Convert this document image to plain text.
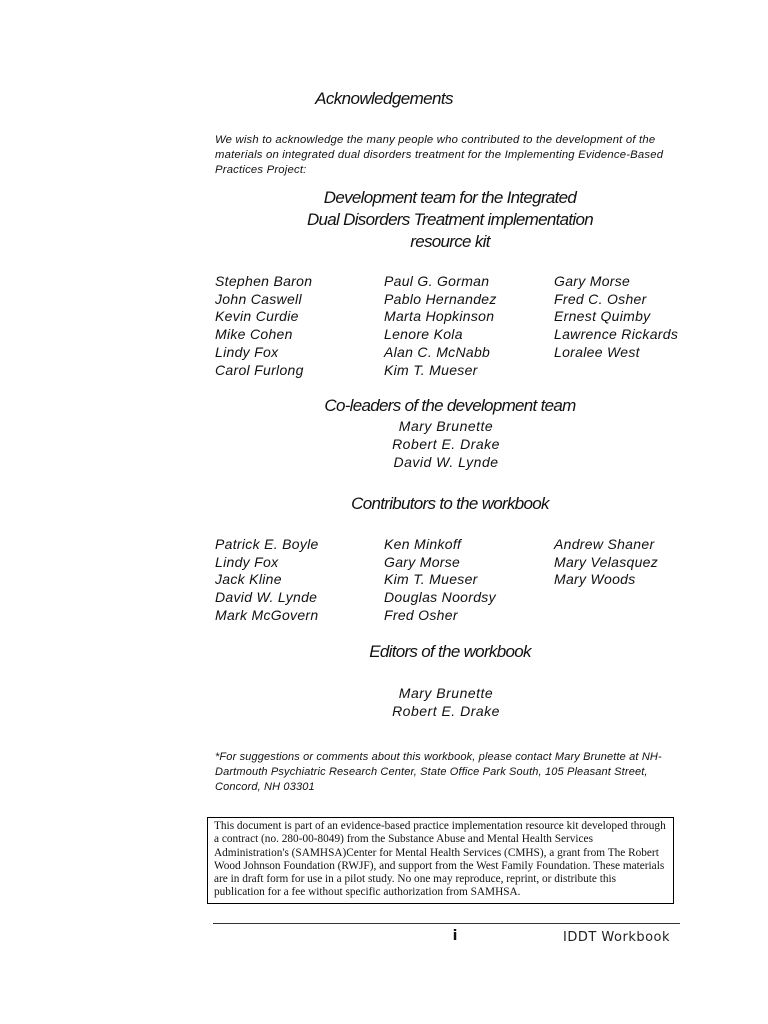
Acknowledgements
We wish to acknowledge the many people who contributed to the development of the materials on integrated dual disorders treatment for the Implementing Evidence-Based Practices Project:
Development team for the Integrated
Dual Disorders Treatment implementation
resource kit
Stephen Baron
John Caswell
Kevin Curdie
Mike Cohen
Lindy Fox
Carol Furlong
Paul G. Gorman
Pablo Hernandez
Marta Hopkinson
Lenore Kola
Alan C. McNabb
Kim T. Mueser
Gary Morse
Fred C. Osher
Ernest Quimby
Lawrence Rickards
Loralee West
Co-leaders of the development team
Mary Brunette
Robert E. Drake
David W. Lynde
Contributors to the workbook
Patrick E. Boyle
Lindy Fox
Jack Kline
David W. Lynde
Mark McGovern
Ken Minkoff
Gary Morse
Kim T. Mueser
Douglas Noordsy
Fred Osher
Andrew Shaner
Mary Velasquez
Mary Woods
Editors of the workbook
Mary Brunette
Robert E. Drake
*For suggestions or comments about this workbook, please contact Mary Brunette at NH-Dartmouth Psychiatric Research Center, State Office Park South, 105 Pleasant Street, Concord, NH 03301
This document is part of an evidence-based practice implementation resource kit developed through a contract (no. 280-00-8049) from the Substance Abuse and Mental Health Services Administration's (SAMHSA)Center for Mental Health Services (CMHS), a grant from The Robert Wood Johnson Foundation (RWJF), and support from the West Family Foundation. These materials are in draft form for use in a pilot study. No one may reproduce, reprint, or distribute this publication for a fee without specific authorization from SAMHSA.
i	IDDT Workbook
